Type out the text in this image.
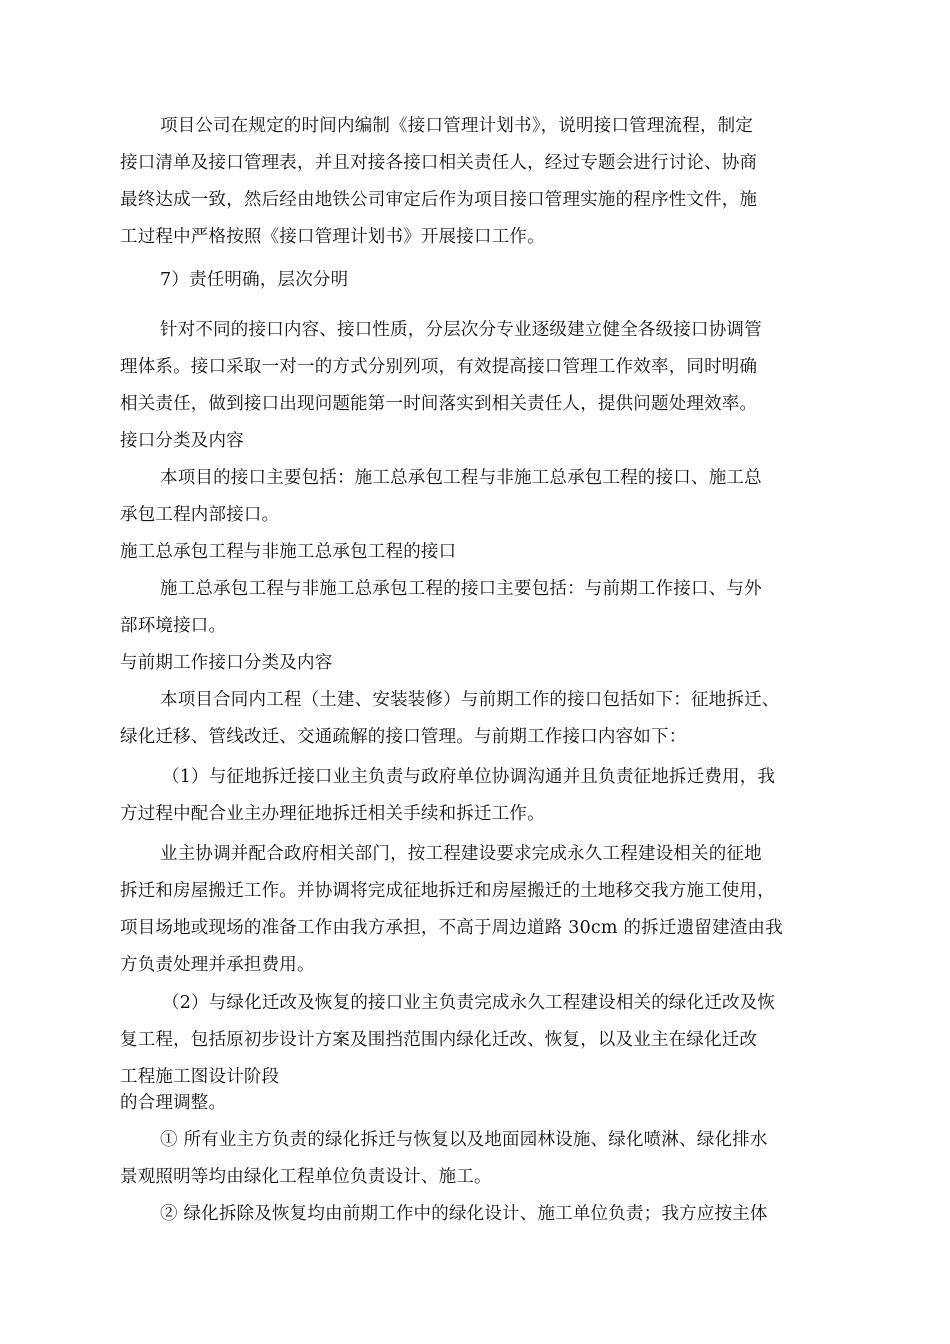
项目公司在规定的时间内编制《接口管理计划书》，说明接口管理流程，制定
接口清单及接口管理表，并且对接各接口相关责任人，经过专题会进行讨论、协商
最终达成一致，然后经由地铁公司审定后作为项目接口管理实施的程序性文件，施
工过程中严格按照《接口管理计划书》开展接口工作。
7）责任明确，层次分明
针对不同的接口内容、接口性质，分层次分专业逐级建立健全各级接口协调管
理体系。接口采取一对一的方式分别列项，有效提高接口管理工作效率，同时明确
相关责任，做到接口出现问题能第一时间落实到相关责任人，提供问题处理效率。
接口分类及内容
本项目的接口主要包括：施工总承包工程与非施工总承包工程的接口、施工总
承包工程内部接口。
施工总承包工程与非施工总承包工程的接口
施工总承包工程与非施工总承包工程的接口主要包括：与前期工作接口、与外
部环境接口。
与前期工作接口分类及内容
本项目合同内工程（土建、安装装修）与前期工作的接口包括如下：征地拆迁、
绿化迁移、管线改迁、交通疏解的接口管理。与前期工作接口内容如下：
（1）与征地拆迁接口业主负责与政府单位协调沟通并且负责征地拆迁费用，我
方过程中配合业主办理征地拆迁相关手续和拆迁工作。
业主协调并配合政府相关部门，按工程建设要求完成永久工程建设相关的征地
拆迁和房屋搬迁工作。并协调将完成征地拆迁和房屋搬迁的土地移交我方施工使用，
项目场地或现场的准备工作由我方承担，不高于周边道路 30cm 的拆迁遗留建渣由我
方负责处理并承担费用。
（2）与绿化迁改及恢复的接口业主负责完成永久工程建设相关的绿化迁改及恢
复工程，包括原初步设计方案及围挡范围内绿化迁改、恢复，以及业主在绿化迁改
工程施工图设计阶段
的合理调整。
① 所有业主方负责的绿化拆迁与恢复以及地面园林设施、绿化喷淋、绿化排水
景观照明等均由绿化工程单位负责设计、施工。
② 绿化拆除及恢复均由前期工作中的绿化设计、施工单位负责；我方应按主体
